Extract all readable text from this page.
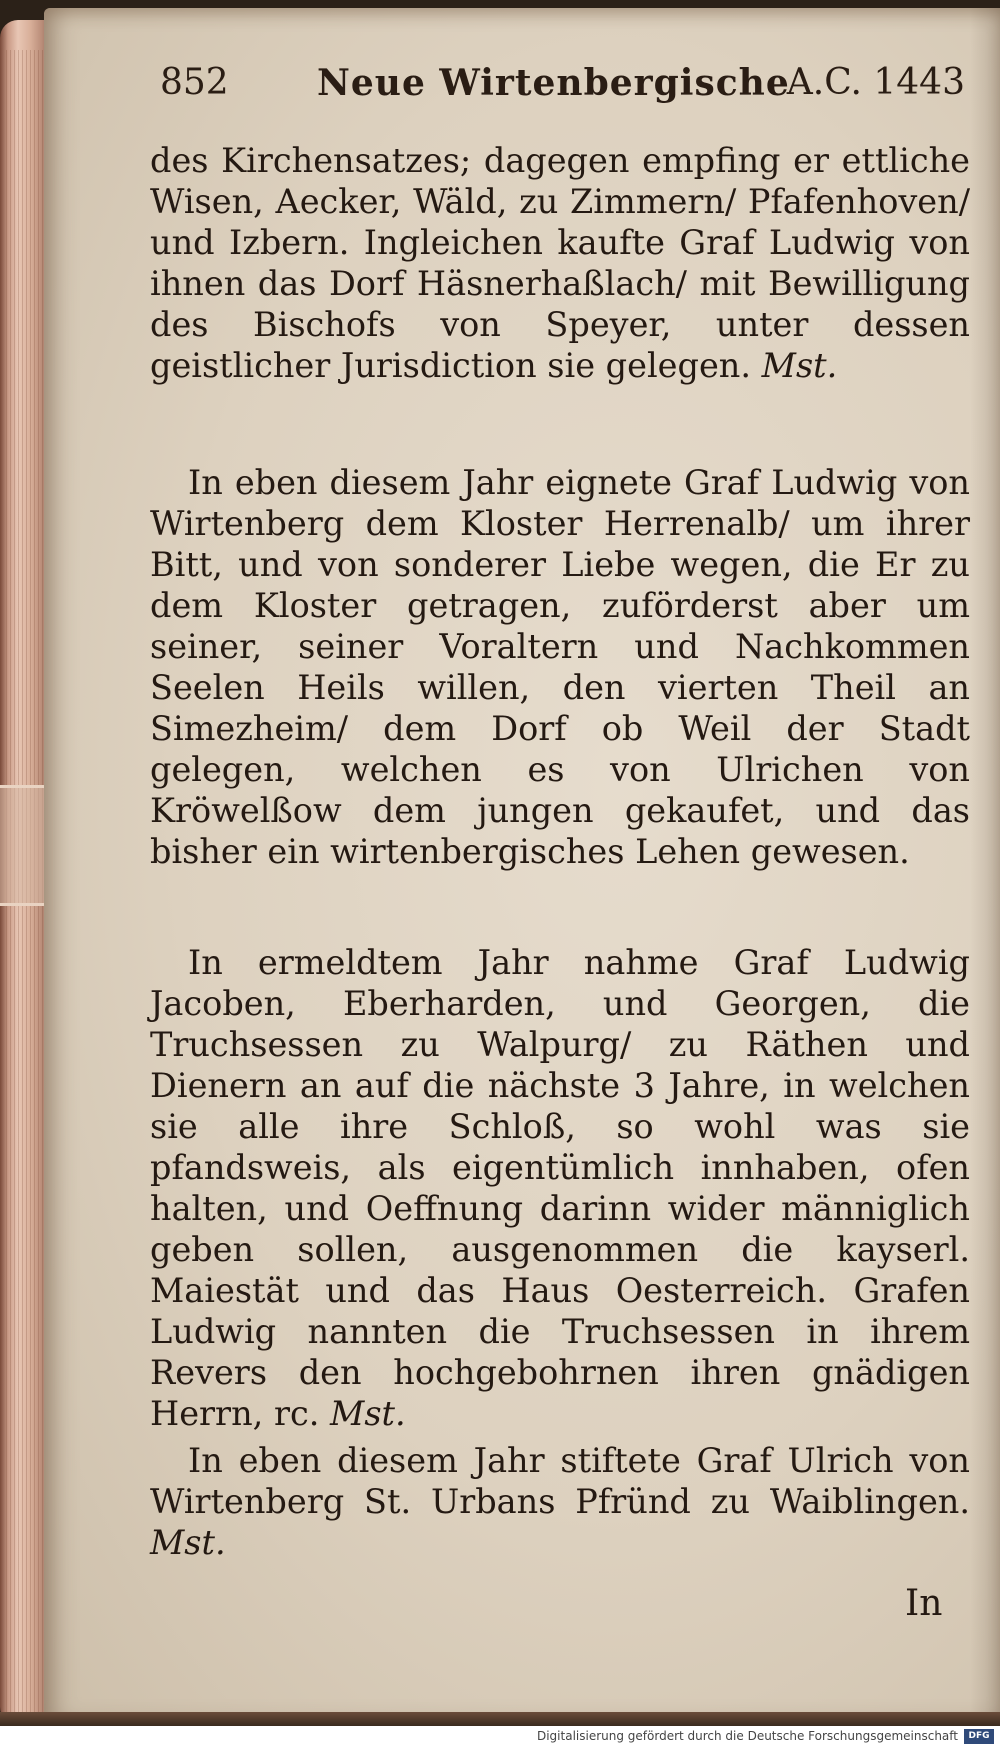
852 Neue Wirtenbergische
A.C. 1443
des Kirchensatzes; dagegen empfing er ettliche Wisen, Aecker, Wäld, zu Zimmern/ Pfafenhoven/ und Izbern. Ingleichen kaufte Graf Ludwig von ihnen das Dorf Häsnerhaßlach/ mit Bewilligung des Bischofs von Speyer, unter dessen geistlicher Jurisdiction sie gelegen. Mst.
In eben diesem Jahr eignete Graf Ludwig von Wirtenberg dem Kloster Herrenalb/ um ihrer Bitt, und von sonderer Liebe wegen, die Er zu dem Kloster getragen, zuförderst aber um seiner, seiner Voraltern und Nachkommen Seelen Heils willen, den vierten Theil an Simezheim/ dem Dorf ob Weil der Stadt gelegen, welchen es von Ulrichen von Kröwelßow dem jungen gekaufet, und das bisher ein wirtenbergisches Lehen gewesen.
In ermeldtem Jahr nahme Graf Ludwig Jacoben, Eberharden, und Georgen, die Truchsessen zu Walpurg/ zu Räthen und Dienern an auf die nächste 3 Jahre, in welchen sie alle ihre Schloß, so wohl was sie pfandsweis, als eigentümlich innhaben, ofen halten, und Oeffnung darinn wider männiglich geben sollen, ausgenommen die kayserl. Maiestät und das Haus Oesterreich. Grafen Ludwig nannten die Truchsessen in ihrem Revers den hochgebohrnen ihren gnädigen Herrn, rc. Mst.
In eben diesem Jahr stiftete Graf Ulrich von Wirtenberg St. Urbans Pfründ zu Waiblingen. Mst.
In
Digitalisierung gefördert durch die Deutsche Forschungsgemeinschaft	DFG
